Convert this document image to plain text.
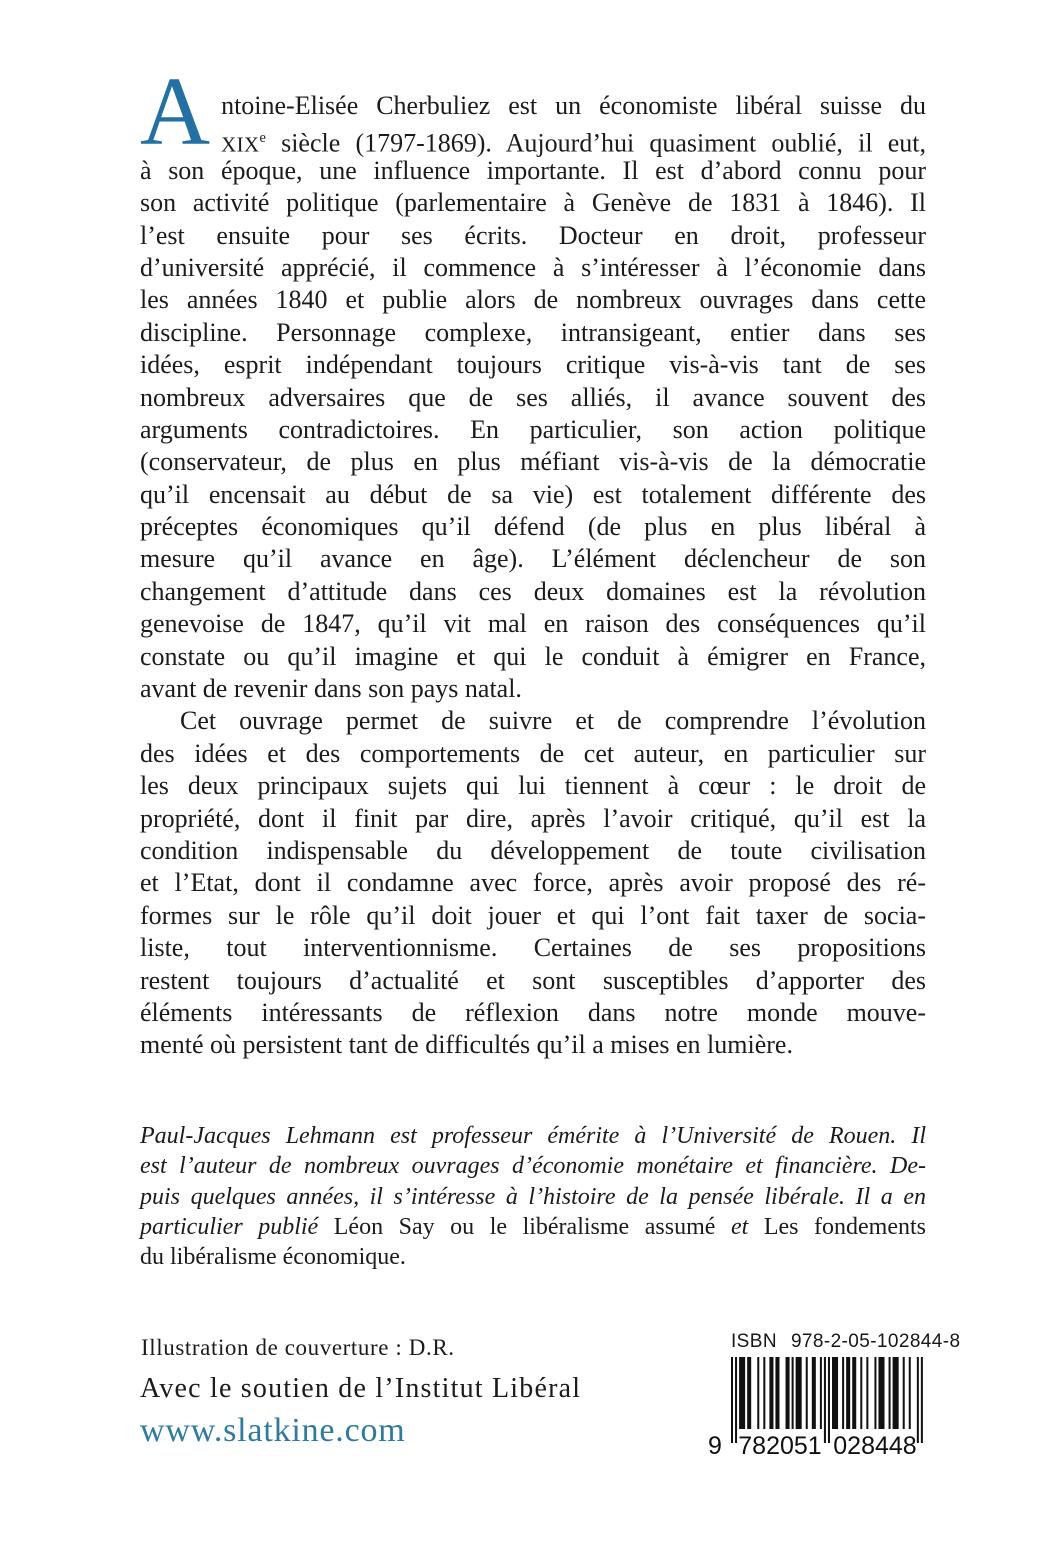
A ntoine-Elisée Cherbuliez est un économiste libéral suisse du
XIXe siècle (1797-1869). Aujourd’hui quasiment oublié, il eut,
à son époque, une influence importante. Il est d’abord connu pour
son activité politique (parlementaire à Genève de 1831 à 1846). Il
l’est ensuite pour ses écrits. Docteur en droit, professeur
d’université apprécié, il commence à s’intéresser à l’économie dans
les années 1840 et publie alors de nombreux ouvrages dans cette
discipline. Personnage complexe, intransigeant, entier dans ses
idées, esprit indépendant toujours critique vis-à-vis tant de ses
nombreux adversaires que de ses alliés, il avance souvent des
arguments contradictoires. En particulier, son action politique
(conservateur, de plus en plus méfiant vis-à-vis de la démocratie
qu’il encensait au début de sa vie) est totalement différente des
préceptes économiques qu’il défend (de plus en plus libéral à
mesure qu’il avance en âge). L’élément déclencheur de son
changement d’attitude dans ces deux domaines est la révolution
genevoise de 1847, qu’il vit mal en raison des conséquences qu’il
constate ou qu’il imagine et qui le conduit à émigrer en France,
avant de revenir dans son pays natal.
Cet ouvrage permet de suivre et de comprendre l’évolution
des idées et des comportements de cet auteur, en particulier sur
les deux principaux sujets qui lui tiennent à cœur : le droit de
propriété, dont il finit par dire, après l’avoir critiqué, qu’il est la
condition indispensable du développement de toute civilisation
et l’Etat, dont il condamne avec force, après avoir proposé des ré-
formes sur le rôle qu’il doit jouer et qui l’ont fait taxer de socia-
liste, tout interventionnisme. Certaines de ses propositions
restent toujours d’actualité et sont susceptibles d’apporter des
éléments intéressants de réflexion dans notre monde mouve-
menté où persistent tant de difficultés qu’il a mises en lumière.
Paul-Jacques Lehmann est professeur émérite à l’Université de Rouen. Il
est l’auteur de nombreux ouvrages d’économie monétaire et financière. De-
puis quelques années, il s’intéresse à l’histoire de la pensée libérale. Il a en
particulier publié Léon Say ou le libéralisme assumé et Les fondements
du libéralisme économique.
Illustration de couverture : D.R.
Avec le soutien de l’Institut Libéral
www.slatkine.com
ISBN 978-2-05-102844-8
9 782051 028448
